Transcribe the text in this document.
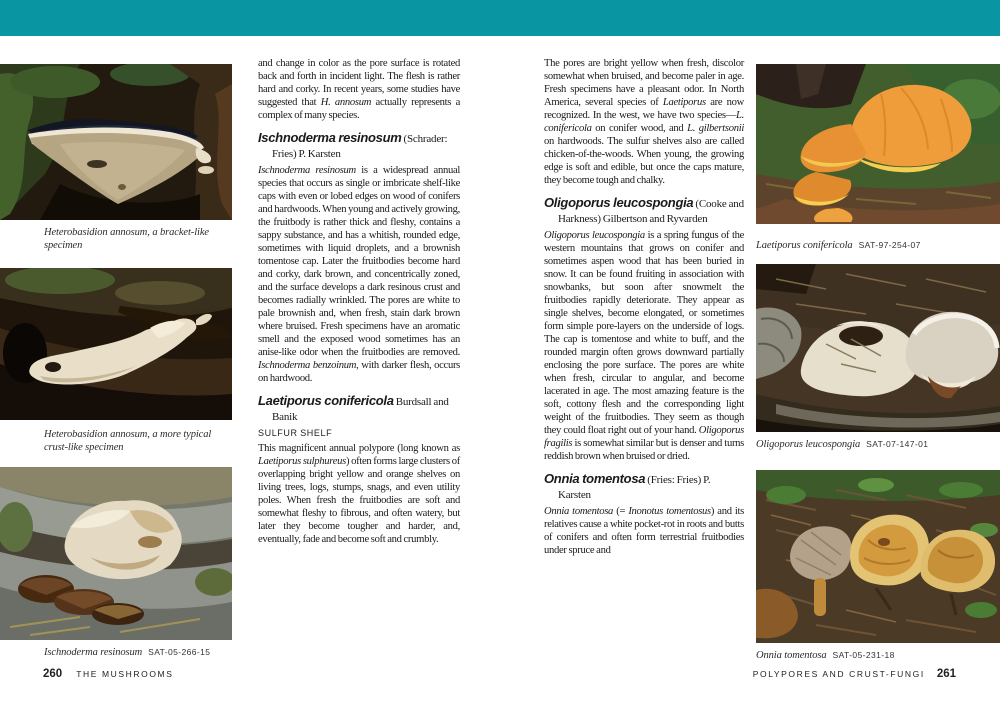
Heterobasidion annosum, a bracket-like specimen
Heterobasidion annosum, a more typical crust-like specimen
Ischnoderma resinosum SAT-05-266-15
and change in color as the pore surface is rotated back and forth in incident light. The flesh is rather hard and corky. In recent years, some studies have suggested that H. annosum actually represents a complex of many species.
Ischnoderma resinosum (Schrader: Fries) P. Karsten
Ischnoderma resinosum is a widespread annual species that occurs as single or imbricate shelf-like caps with even or lobed edges on wood of conifers and hardwoods. When young and actively growing, the fruitbody is rather thick and fleshy, contains a sappy substance, and has a whitish, rounded edge, sometimes with liquid droplets, and a brownish tomentose cap. Later the fruitbodies become hard and corky, dark brown, and concentrically zoned, and the surface develops a dark resinous crust and becomes radially wrinkled. The pores are white to pale brownish and, when fresh, stain dark brown where bruised. Fresh specimens have an aromatic smell and the exposed wood sometimes has an anise-like odor when the fruitbodies are removed. Ischnoderma benzoinum, with darker flesh, occurs on hardwood.
Laetiporus conifericola Burdsall and Banik
SULFUR SHELF
This magnificent annual polypore (long known as Laetiporus sulphureus) often forms large clusters of overlapping bright yellow and orange shelves on living trees, logs, stumps, snags, and even utility poles. When fresh the fruitbodies are soft and somewhat fleshy to fibrous, and often watery, but later they become tougher and harder, and, eventually, fade and become soft and crumbly.
The pores are bright yellow when fresh, discolor somewhat when bruised, and become paler in age. Fresh specimens have a pleasant odor. In North America, several species of Laetiporus are now recognized. In the west, we have two species—L. conifericola on conifer wood, and L. gilbertsonii on hardwoods. The sulfur shelves also are called chicken-of-the-woods. When young, the growing edge is soft and edible, but once the caps mature, they become tough and chalky.
Oligoporus leucospongia (Cooke and Harkness) Gilbertson and Ryvarden
Oligoporus leucospongia is a spring fungus of the western mountains that grows on conifer and sometimes aspen wood that has been buried in snow. It can be found fruiting in association with snowbanks, but soon after snowmelt the fruitbodies rapidly deteriorate. They appear as single shelves, become elongated, or sometimes form simple pore-layers on the underside of logs. The cap is tomentose and white to buff, and the rounded margin often grows downward partially enclosing the pore surface. The pores are white when fresh, circular to angular, and become lacerated in age. The most amazing feature is the soft, cottony flesh and the corresponding light weight of the fruitbodies. They seem as though they could float right out of your hand. Oligoporus fragilis is somewhat similar but is denser and turns reddish brown when bruised or dried.
Onnia tomentosa (Fries: Fries) P. Karsten
Onnia tomentosa (= Inonotus tomentosus) and its relatives cause a white pocket-rot in roots and butts of conifers and often form terrestrial fruitbodies under spruce and
Laetiporus conifericola SAT-97-254-07
Oligoporus leucospongia SAT-07-147-01
Onnia tomentosa SAT-05-231-18
260 THE MUSHROOMS	POLYPORES AND CRUST-FUNGI 261
